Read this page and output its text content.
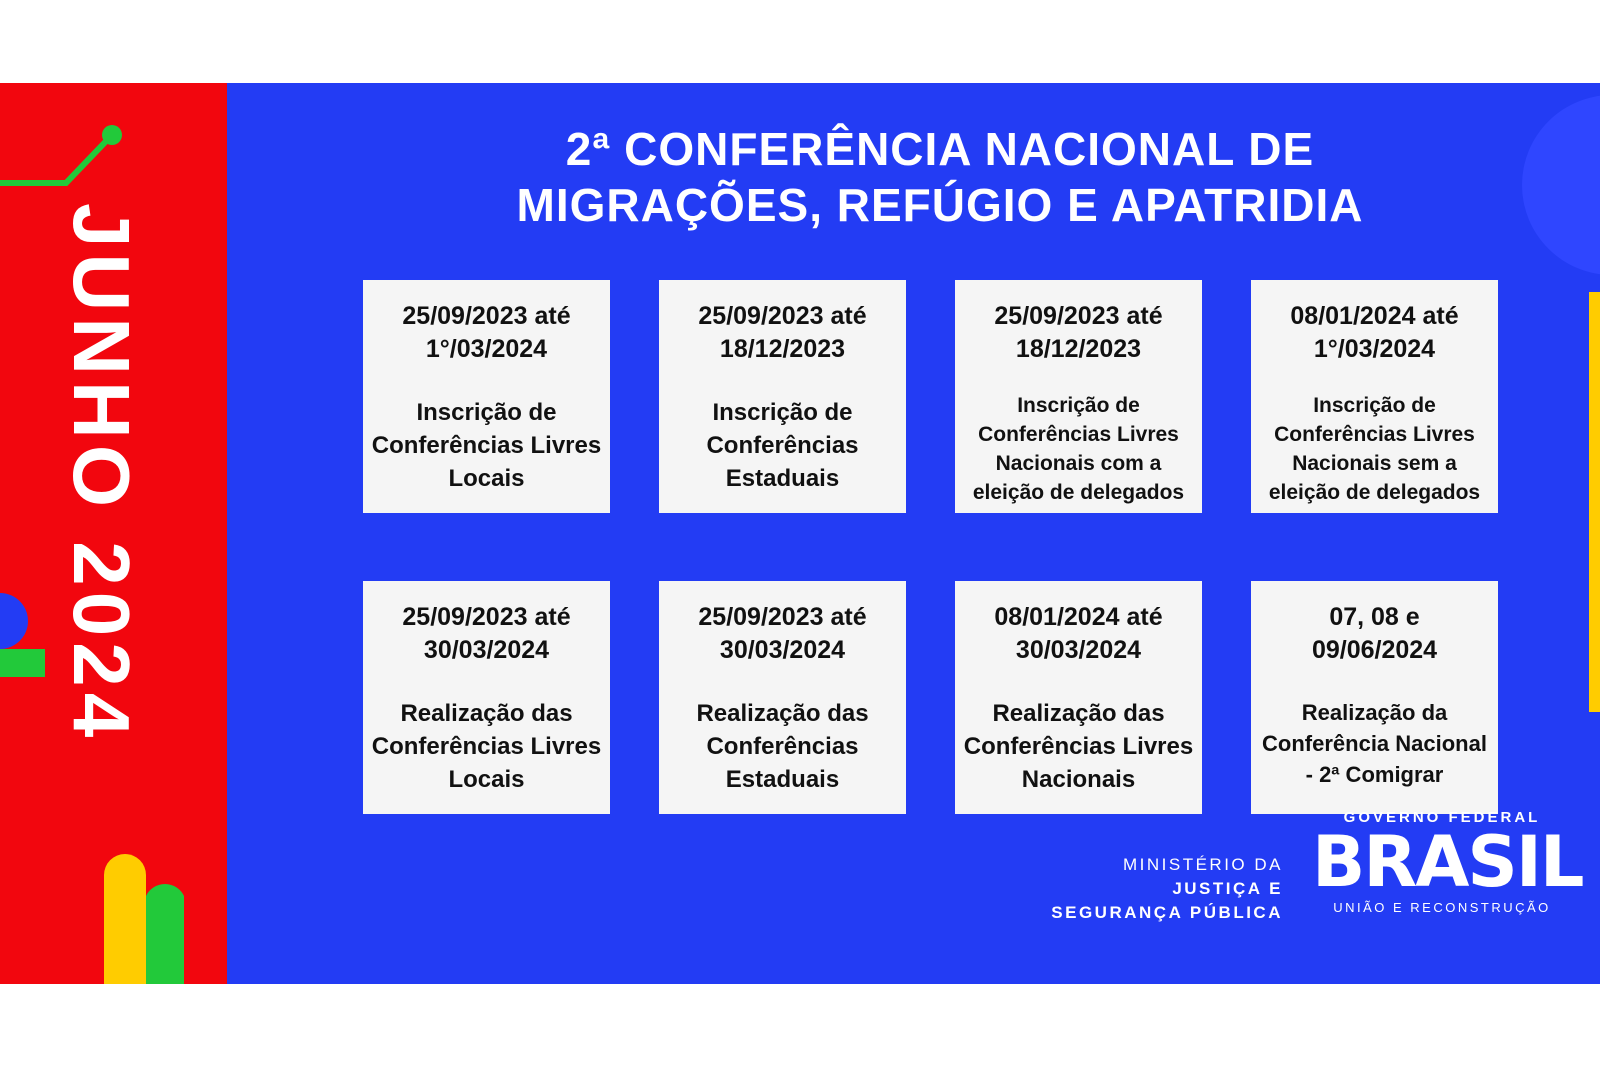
JUNHO 2024
2ª CONFERÊNCIA NACIONAL DE
MIGRAÇÕES, REFÚGIO E APATRIDIA
25/09/2023 até
1°/03/2024
Inscrição de
Conferências Livres
Locais
25/09/2023 até
18/12/2023
Inscrição de
Conferências
Estaduais
25/09/2023 até
18/12/2023
Inscrição de
Conferências Livres
Nacionais com a
eleição de delegados
08/01/2024 até
1°/03/2024
Inscrição de
Conferências Livres
Nacionais sem a
eleição de delegados
25/09/2023 até
30/03/2024
Realização das
Conferências Livres
Locais
25/09/2023 até
30/03/2024
Realização das
Conferências
Estaduais
08/01/2024 até
30/03/2024
Realização das
Conferências Livres
Nacionais
07, 08 e
09/06/2024
Realização da
Conferência Nacional
- 2ª Comigrar
MINISTÉRIO DA
JUSTIÇA E
SEGURANÇA PÚBLICA
GOVERNO FEDERAL
BRASIL
UNIÃO E RECONSTRUÇÃO
